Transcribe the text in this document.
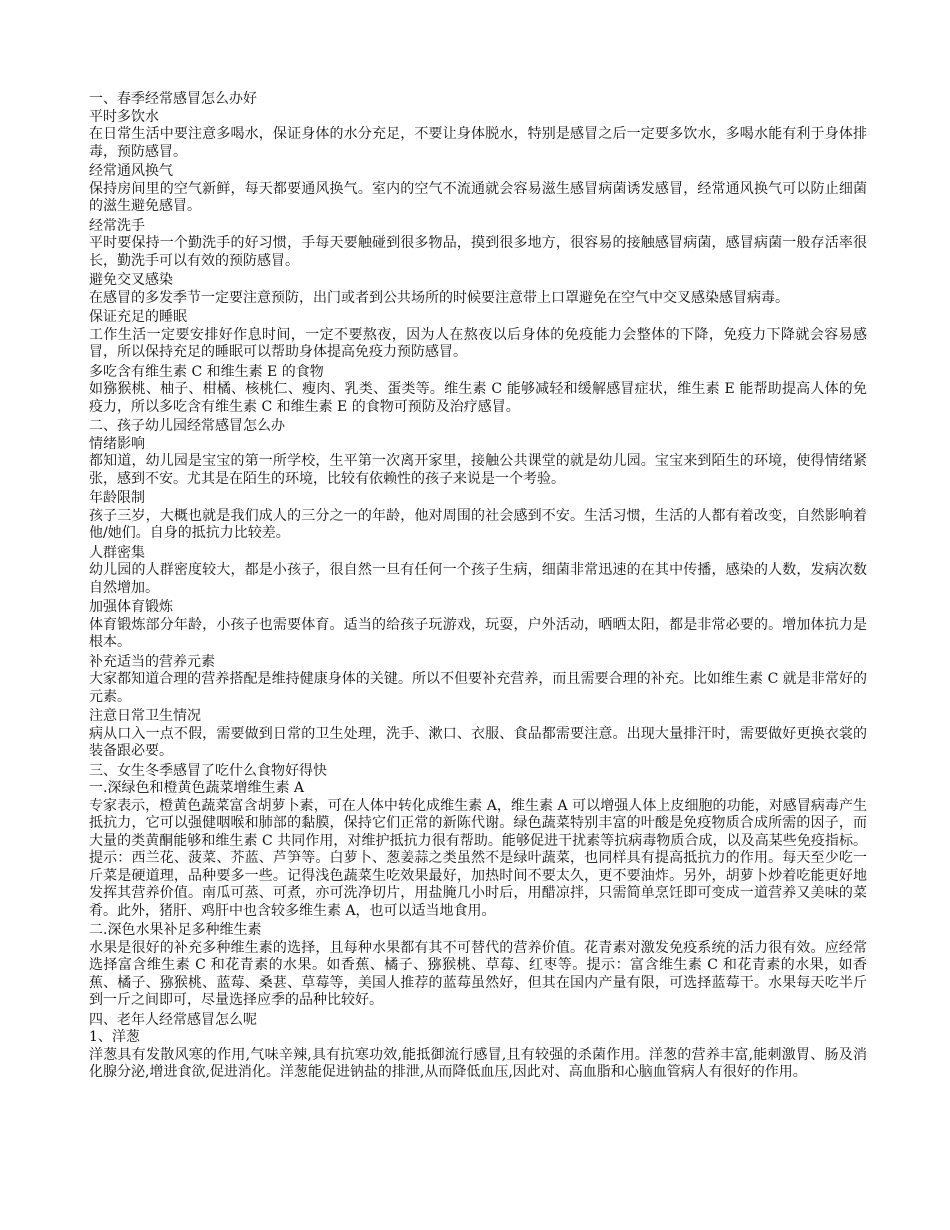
一、春季经常感冒怎么办好

平时多饮水

在日常生活中要注意多喝水，保证身体的水分充足，不要让身体脱水，特别是感冒之后一定要多饮水，多喝水能有利于身体排毒，预防感冒。

经常通风换气

保持房间里的空气新鲜，每天都要通风换气。室内的空气不流通就会容易滋生感冒病菌诱发感冒，经常通风换气可以防止细菌的滋生避免感冒。

经常洗手

平时要保持一个勤洗手的好习惯，手每天要触碰到很多物品，摸到很多地方，很容易的接触感冒病菌，感冒病菌一般存活率很长，勤洗手可以有效的预防感冒。

避免交叉感染

在感冒的多发季节一定要注意预防，出门或者到公共场所的时候要注意带上口罩避免在空气中交叉感染感冒病毒。

保证充足的睡眠

工作生活一定要安排好作息时间，一定不要熬夜，因为人在熬夜以后身体的免疫能力会整体的下降，免疫力下降就会容易感冒，所以保持充足的睡眠可以帮助身体提高免疫力预防感冒。

多吃含有维生素 C 和维生素 E 的食物

如猕猴桃、柚子、柑橘、核桃仁、瘦肉、乳类、蛋类等。维生素 C 能够减轻和缓解感冒症状，维生素 E 能帮助提高人体的免疫力，所以多吃含有维生素 C 和维生素 E 的食物可预防及治疗感冒。

二、孩子幼儿园经常感冒怎么办

情绪影响

都知道，幼儿园是宝宝的第一所学校，生平第一次离开家里，接触公共课堂的就是幼儿园。宝宝来到陌生的环境，使得情绪紧张，感到不安。尤其是在陌生的环境，比较有依赖性的孩子来说是一个考验。

年龄限制

孩子三岁，大概也就是我们成人的三分之一的年龄，他对周围的社会感到不安。生活习惯，生活的人都有着改变，自然影响着他/她们。自身的抵抗力比较差。

人群密集

幼儿园的人群密度较大，都是小孩子，很自然一旦有任何一个孩子生病，细菌非常迅速的在其中传播，感染的人数，发病次数自然增加。

加强体育锻炼

体育锻炼部分年龄，小孩子也需要体育。适当的给孩子玩游戏，玩耍，户外活动，晒晒太阳，都是非常必要的。增加体抗力是根本。

补充适当的营养元素

大家都知道合理的营养搭配是维持健康身体的关键。所以不但要补充营养，而且需要合理的补充。比如维生素 C 就是非常好的元素。

注意日常卫生情况

病从口入一点不假，需要做到日常的卫生处理，洗手、漱口、衣服、食品都需要注意。出现大量排汗时，需要做好更换衣裳的装备跟必要。

三、女生冬季感冒了吃什么食物好得快

一.深绿色和橙黄色蔬菜增维生素 A

专家表示，橙黄色蔬菜富含胡萝卜素，可在人体中转化成维生素 A，维生素 A 可以增强人体上皮细胞的功能，对感冒病毒产生抵抗力，它可以强健咽喉和肺部的黏膜，保持它们正常的新陈代谢。绿色蔬菜特别丰富的叶酸是免疫物质合成所需的因子，而大量的类黄酮能够和维生素 C 共同作用，对维护抵抗力很有帮助。能够促进干扰素等抗病毒物质合成，以及高某些免疫指标。提示：西兰花、菠菜、芥蓝、芦笋等。白萝卜、葱姜蒜之类虽然不是绿叶蔬菜，也同样具有提高抵抗力的作用。每天至少吃一斤菜是硬道理，品种要多一些。记得浅色蔬菜生吃效果最好，加热时间不要太久，更不要油炸。另外，胡萝卜炒着吃能更好地发挥其营养价值。南瓜可蒸、可煮，亦可洗净切片，用盐腌几小时后，用醋凉拌，只需简单烹饪即可变成一道营养又美味的菜肴。此外，猪肝、鸡肝中也含较多维生素 A，也可以适当地食用。

二.深色水果补足多种维生素

水果是很好的补充多种维生素的选择，且每种水果都有其不可替代的营养价值。花青素对激发免疫系统的活力很有效。应经常选择富含维生素 C 和花青素的水果。如香蕉、橘子、猕猴桃、草莓、红枣等。提示：富含维生素 C 和花青素的水果，如香蕉、橘子、猕猴桃、蓝莓、桑葚、草莓等，美国人推荐的蓝莓虽然好，但其在国内产量有限，可选择蓝莓干。水果每天吃半斤到一斤之间即可，尽量选择应季的品种比较好。

四、老年人经常感冒怎么呢

1、洋葱

洋葱具有发散风寒的作用,气味辛辣,具有抗寒功效,能抵御流行感冒,且有较强的杀菌作用。洋葱的营养丰富,能刺激胃、肠及消化腺分泌,增进食欲,促进消化。洋葱能促进钠盐的排泄,从而降低血压,因此对、高血脂和心脑血管病人有很好的作用。
